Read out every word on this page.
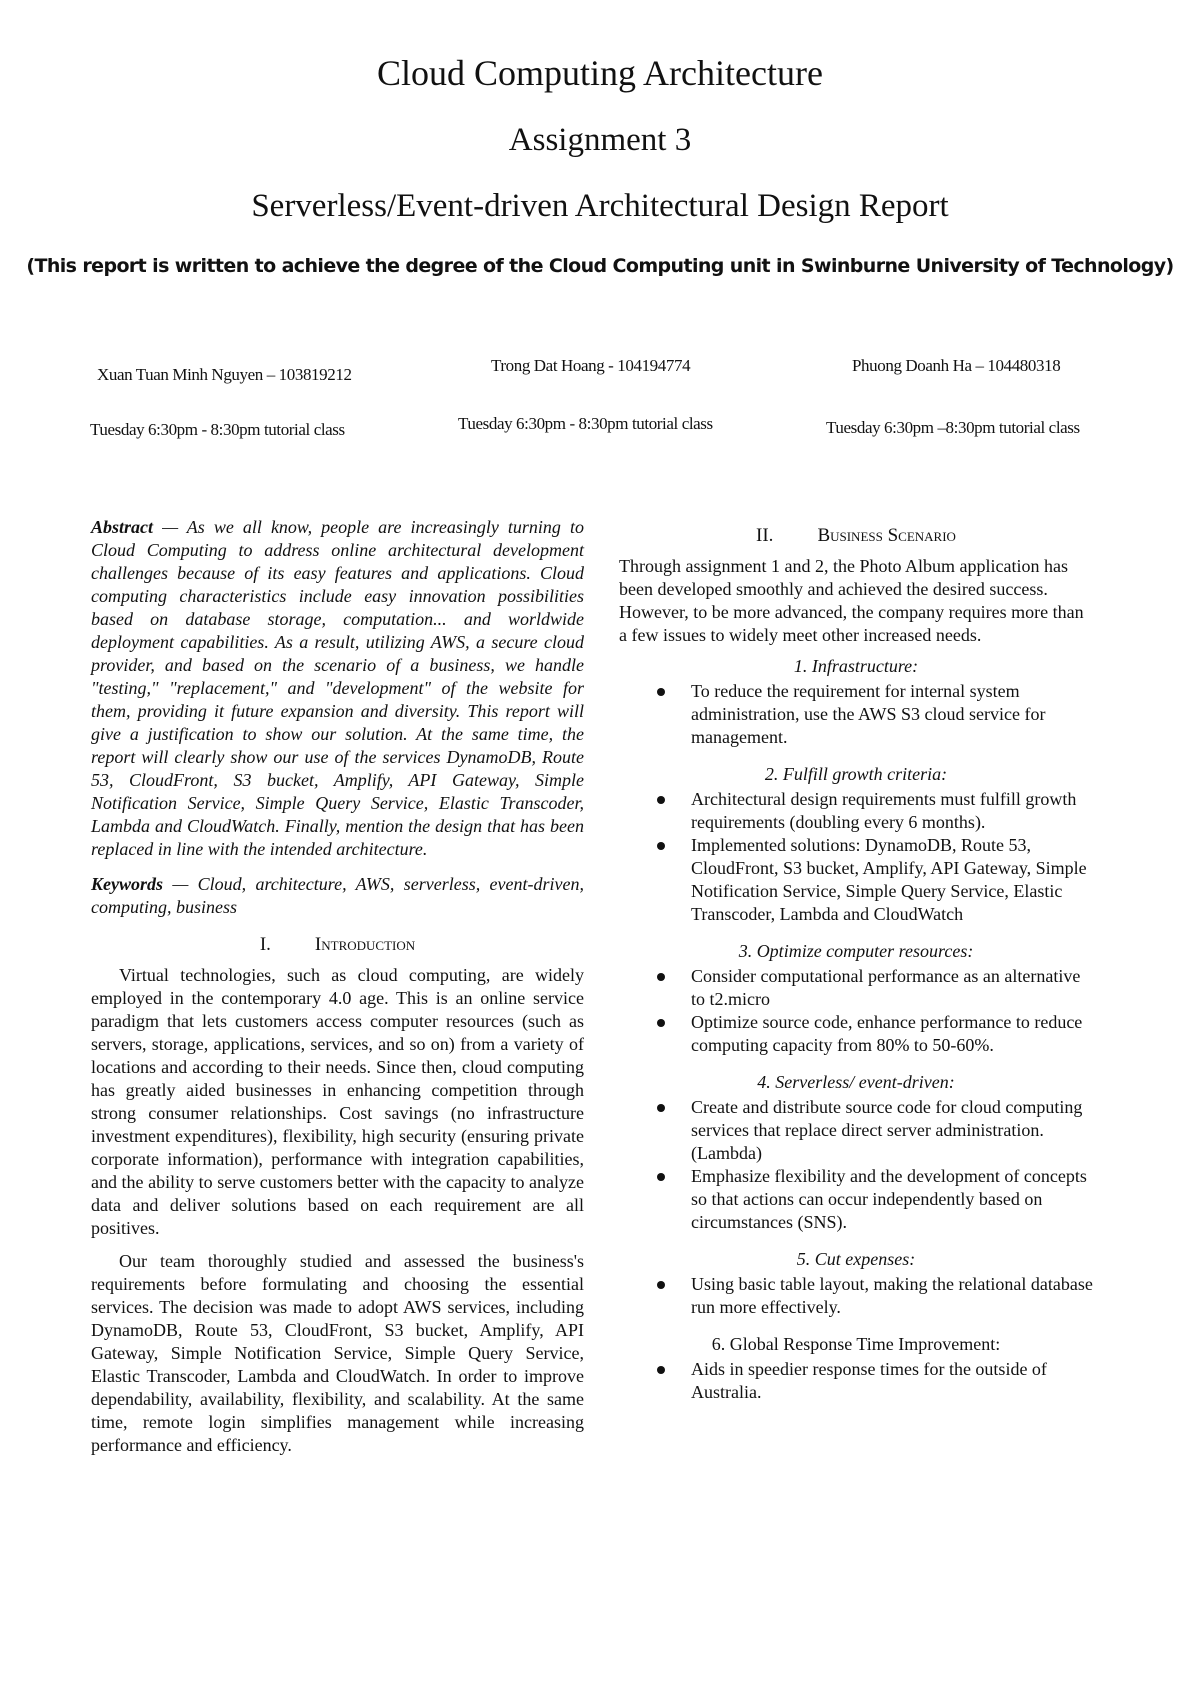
Cloud Computing Architecture
Assignment 3
Serverless/Event-driven Architectural Design Report
(This report is written to achieve the degree of the Cloud Computing unit in Swinburne University of Technology)
Xuan Tuan Minh Nguyen – 103819212
Tuesday 6:30pm - 8:30pm tutorial class
Trong Dat Hoang - 104194774
Tuesday 6:30pm - 8:30pm tutorial class
Phuong Doanh Ha – 104480318
Tuesday 6:30pm –8:30pm tutorial class

Abstract — As we all know, people are increasingly turning to Cloud Computing to address online architectural development challenges because of its easy features and applications. Cloud computing characteristics include easy innovation possibilities based on database storage, computation... and worldwide deployment capabilities. As a result, utilizing AWS, a secure cloud provider, and based on the scenario of a business, we handle "testing," "replacement," and "development" of the website for them, providing it future expansion and diversity. This report will give a justification to show our solution. At the same time, the report will clearly show our use of the services DynamoDB, Route 53, CloudFront, S3 bucket, Amplify, API Gateway, Simple Notification Service, Simple Query Service, Elastic Transcoder, Lambda and CloudWatch. Finally, mention the design that has been replaced in line with the intended architecture.

Keywords — Cloud, architecture, AWS, serverless, event-driven, computing, business

I. Introduction

Virtual technologies, such as cloud computing, are widely employed in the contemporary 4.0 age. This is an online service paradigm that lets customers access computer resources (such as servers, storage, applications, services, and so on) from a variety of locations and according to their needs. Since then, cloud computing has greatly aided businesses in enhancing competition through strong consumer relationships. Cost savings (no infrastructure investment expenditures), flexibility, high security (ensuring private corporate information), performance with integration capabilities, and the ability to serve customers better with the capacity to analyze data and deliver solutions based on each requirement are all positives.

Our team thoroughly studied and assessed the business's requirements before formulating and choosing the essential services. The decision was made to adopt AWS services, including DynamoDB, Route 53, CloudFront, S3 bucket, Amplify, API Gateway, Simple Notification Service, Simple Query Service, Elastic Transcoder, Lambda and CloudWatch. In order to improve dependability, availability, flexibility, and scalability. At the same time, remote login simplifies management while increasing performance and efficiency.

II. Business Scenario

Through assignment 1 and 2, the Photo Album application has been developed smoothly and achieved the desired success. However, to be more advanced, the company requires more than a few issues to widely meet other increased needs.

1. Infrastructure:
To reduce the requirement for internal system administration, use the AWS S3 cloud service for management.
2. Fulfill growth criteria:
Architectural design requirements must fulfill growth requirements (doubling every 6 months).
Implemented solutions: DynamoDB, Route 53, CloudFront, S3 bucket, Amplify, API Gateway, Simple Notification Service, Simple Query Service, Elastic Transcoder, Lambda and CloudWatch
3. Optimize computer resources:
Consider computational performance as an alternative to t2.micro
Optimize source code, enhance performance to reduce computing capacity from 80% to 50-60%.
4. Serverless/ event-driven:
Create and distribute source code for cloud computing services that replace direct server administration. (Lambda)
Emphasize flexibility and the development of concepts so that actions can occur independently based on circumstances (SNS).
5. Cut expenses:
Using basic table layout, making the relational database run more effectively.
6. Global Response Time Improvement:
Aids in speedier response times for the outside of Australia.
